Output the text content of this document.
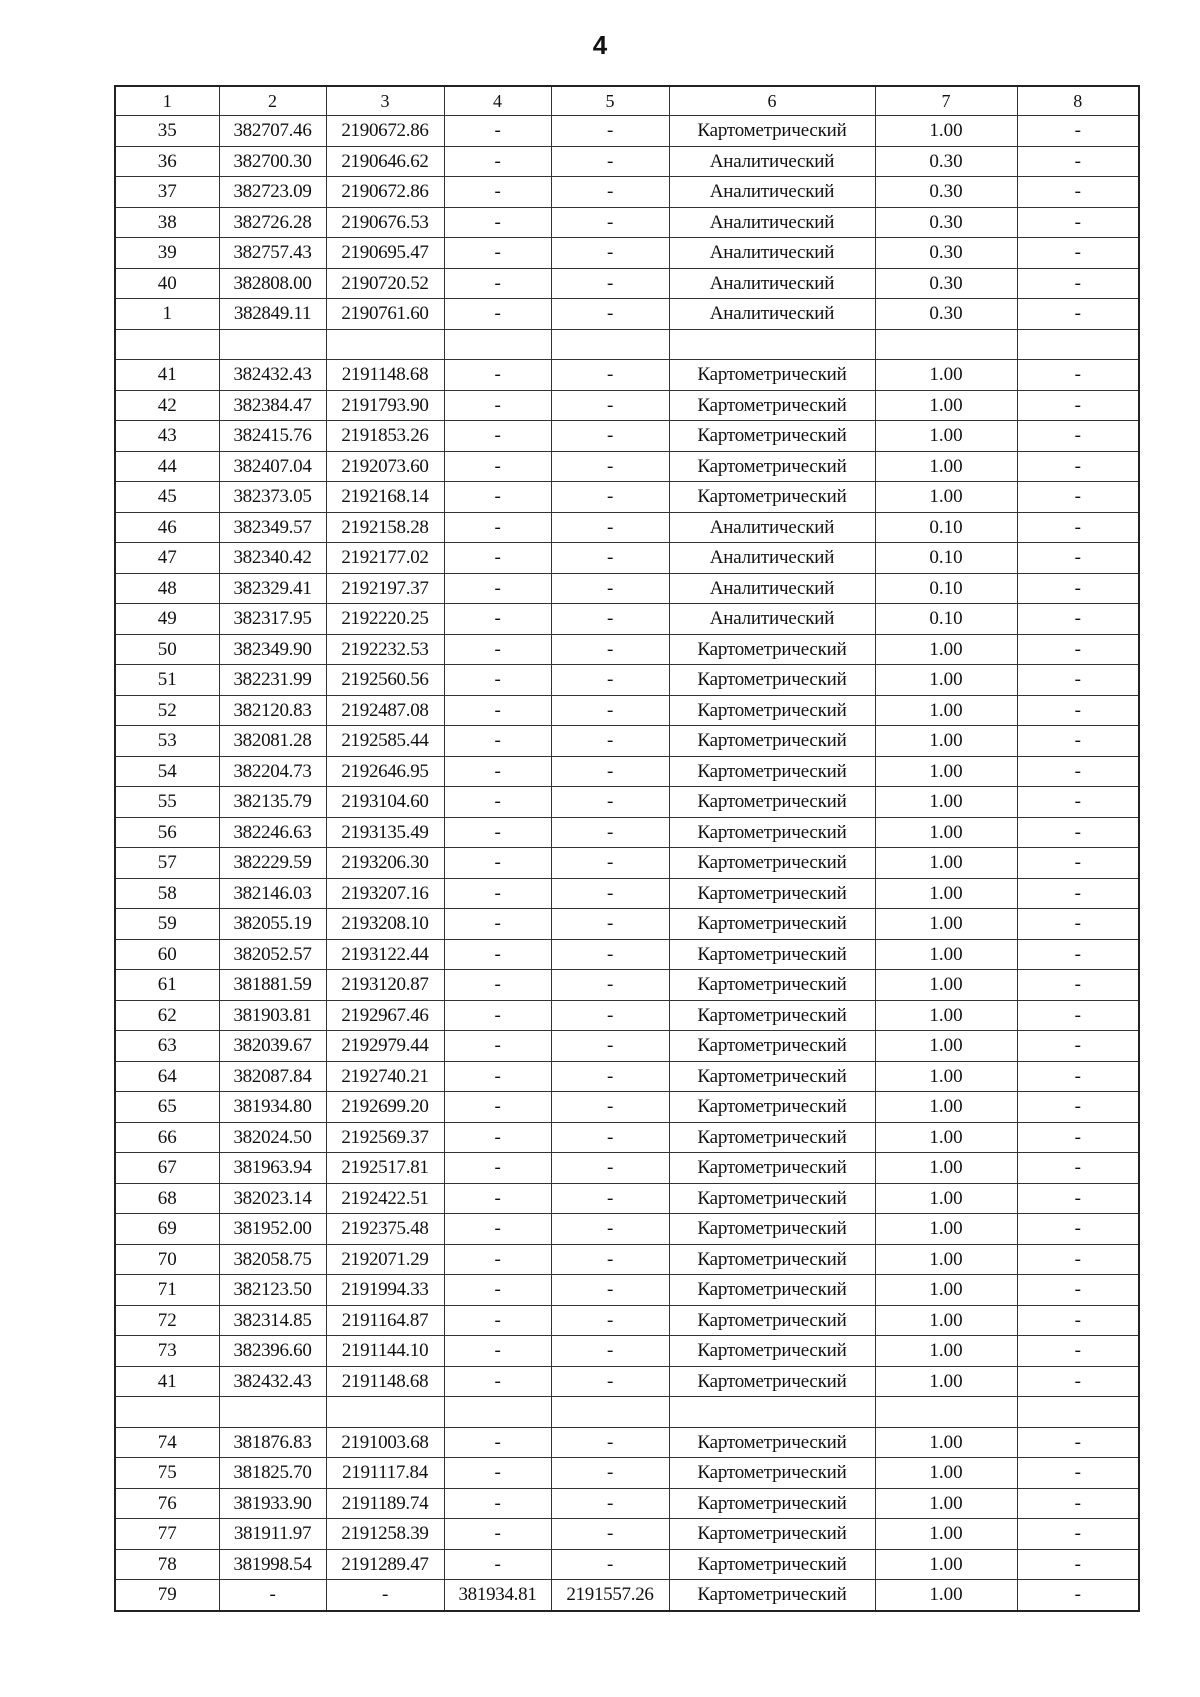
4
1	2	3	4	5	6	7	8
35	382707.46	2190672.86	-	-	Картометрический	1.00	-
36	382700.30	2190646.62	-	-	Аналитический	0.30	-
37	382723.09	2190672.86	-	-	Аналитический	0.30	-
38	382726.28	2190676.53	-	-	Аналитический	0.30	-
39	382757.43	2190695.47	-	-	Аналитический	0.30	-
40	382808.00	2190720.52	-	-	Аналитический	0.30	-
1	382849.11	2190761.60	-	-	Аналитический	0.30	-

41	382432.43	2191148.68	-	-	Картометрический	1.00	-
42	382384.47	2191793.90	-	-	Картометрический	1.00	-
43	382415.76	2191853.26	-	-	Картометрический	1.00	-
44	382407.04	2192073.60	-	-	Картометрический	1.00	-
45	382373.05	2192168.14	-	-	Картометрический	1.00	-
46	382349.57	2192158.28	-	-	Аналитический	0.10	-
47	382340.42	2192177.02	-	-	Аналитический	0.10	-
48	382329.41	2192197.37	-	-	Аналитический	0.10	-
49	382317.95	2192220.25	-	-	Аналитический	0.10	-
50	382349.90	2192232.53	-	-	Картометрический	1.00	-
51	382231.99	2192560.56	-	-	Картометрический	1.00	-
52	382120.83	2192487.08	-	-	Картометрический	1.00	-
53	382081.28	2192585.44	-	-	Картометрический	1.00	-
54	382204.73	2192646.95	-	-	Картометрический	1.00	-
55	382135.79	2193104.60	-	-	Картометрический	1.00	-
56	382246.63	2193135.49	-	-	Картометрический	1.00	-
57	382229.59	2193206.30	-	-	Картометрический	1.00	-
58	382146.03	2193207.16	-	-	Картометрический	1.00	-
59	382055.19	2193208.10	-	-	Картометрический	1.00	-
60	382052.57	2193122.44	-	-	Картометрический	1.00	-
61	381881.59	2193120.87	-	-	Картометрический	1.00	-
62	381903.81	2192967.46	-	-	Картометрический	1.00	-
63	382039.67	2192979.44	-	-	Картометрический	1.00	-
64	382087.84	2192740.21	-	-	Картометрический	1.00	-
65	381934.80	2192699.20	-	-	Картометрический	1.00	-
66	382024.50	2192569.37	-	-	Картометрический	1.00	-
67	381963.94	2192517.81	-	-	Картометрический	1.00	-
68	382023.14	2192422.51	-	-	Картометрический	1.00	-
69	381952.00	2192375.48	-	-	Картометрический	1.00	-
70	382058.75	2192071.29	-	-	Картометрический	1.00	-
71	382123.50	2191994.33	-	-	Картометрический	1.00	-
72	382314.85	2191164.87	-	-	Картометрический	1.00	-
73	382396.60	2191144.10	-	-	Картометрический	1.00	-
41	382432.43	2191148.68	-	-	Картометрический	1.00	-

74	381876.83	2191003.68	-	-	Картометрический	1.00	-
75	381825.70	2191117.84	-	-	Картометрический	1.00	-
76	381933.90	2191189.74	-	-	Картометрический	1.00	-
77	381911.97	2191258.39	-	-	Картометрический	1.00	-
78	381998.54	2191289.47	-	-	Картометрический	1.00	-
79	-	-	381934.81	2191557.26	Картометрический	1.00	-
